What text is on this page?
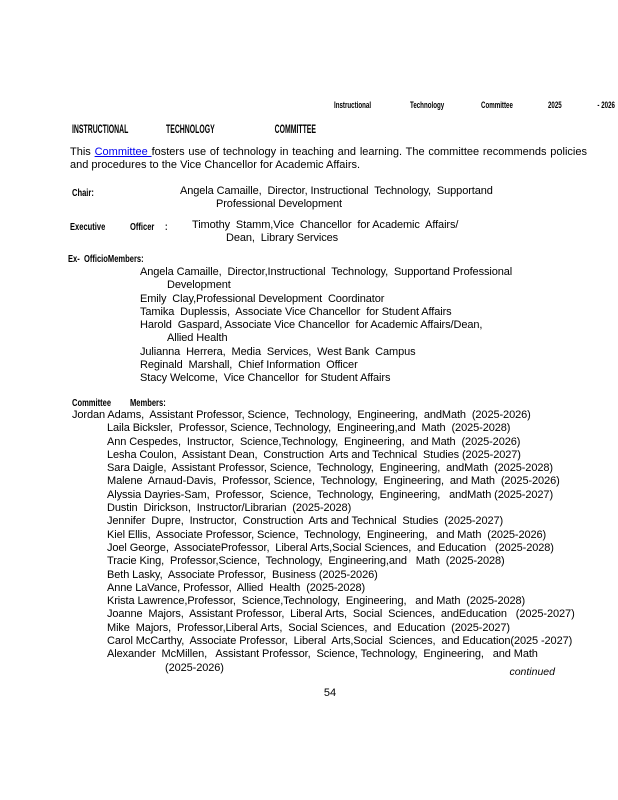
Instructional	Technology	Committee	2025	- 2026
INSTRUCTIONAL	TECHNOLOGY	COMMITTEE

This Committee fosters use of technology in teaching and learning. The committee recommends policies and procedures to the Vice Chancellor for Academic Affairs.

Chair:	Angela Camaille,  Director, Instructional  Technology,  Supportand
Professional Development
Executive	Officer	:	Timothy  Stamm,Vice  Chancellor  for Academic  Affairs/
Dean,  Library Services
Ex-  OfficioMembers:
Angela Camaille,  Director,Instructional  Technology,  Supportand Professional
Development
Emily  Clay,Professional Development  Coordinator
Tamika  Duplessis,  Associate Vice Chancellor  for Student Affairs
Harold  Gaspard, Associate Vice Chancellor  for Academic Affairs/Dean,
Allied Health
Julianna  Herrera,  Media  Services,  West Bank  Campus
Reginald  Marshall,  Chief Information  Officer
Stacy Welcome,  Vice Chancellor  for Student Affairs
Committee	Members:
Jordan Adams,  Assistant Professor, Science,  Technology,  Engineering,  andMath  (2025-2026)
Laila Bicksler,  Professor, Science, Technology,  Engineering,and  Math  (2025-2028)
Ann Cespedes,  Instructor,  Science,Technology,  Engineering,  and Math  (2025-2026)
Lesha Coulon,  Assistant Dean,  Construction  Arts and Technical  Studies (2025-2027)
Sara Daigle,  Assistant Professor, Science,  Technology,  Engineering,  andMath  (2025-2028)
Malene  Arnaud-Davis,  Professor, Science,  Technology,  Engineering,  and Math  (2025-2026)
Alyssia Dayries-Sam,  Professor,  Science,  Technology,  Engineering,   andMath (2025-2027)
Dustin  Dirickson,  Instructor/Librarian  (2025-2028)
Jennifer  Dupre,  Instructor,  Construction  Arts and Technical  Studies  (2025-2027)
Kiel Ellis,  Associate Professor, Science,  Technology,  Engineering,   and Math  (2025-2026)
Joel George,  AssociateProfessor,  Liberal Arts,Social Sciences,  and Education   (2025-2028)
Tracie King,  Professor,Science,  Technology,  Engineering,and   Math  (2025-2028)
Beth Lasky,  Associate Professor,  Business (2025-2026)
Anne LaVance, Professor,  Allied  Health  (2025-2028)
Krista Lawrence,Professor,  Science,Technology,  Engineering,   and Math  (2025-2028)
Joanne  Majors,  Assistant Professor,  Liberal Arts,  Social  Sciences,  andEducation   (2025-2027)
Mike  Majors,  Professor,Liberal Arts,  Social Sciences,  and  Education  (2025-2027)
Carol McCarthy,  Associate Professor,  Liberal  Arts,Social  Sciences,  and Education(2025 -2027)
Alexander  McMillen,   Assistant Professor,  Science, Technology,  Engineering,   and Math
(2025-2026)	continued
54
